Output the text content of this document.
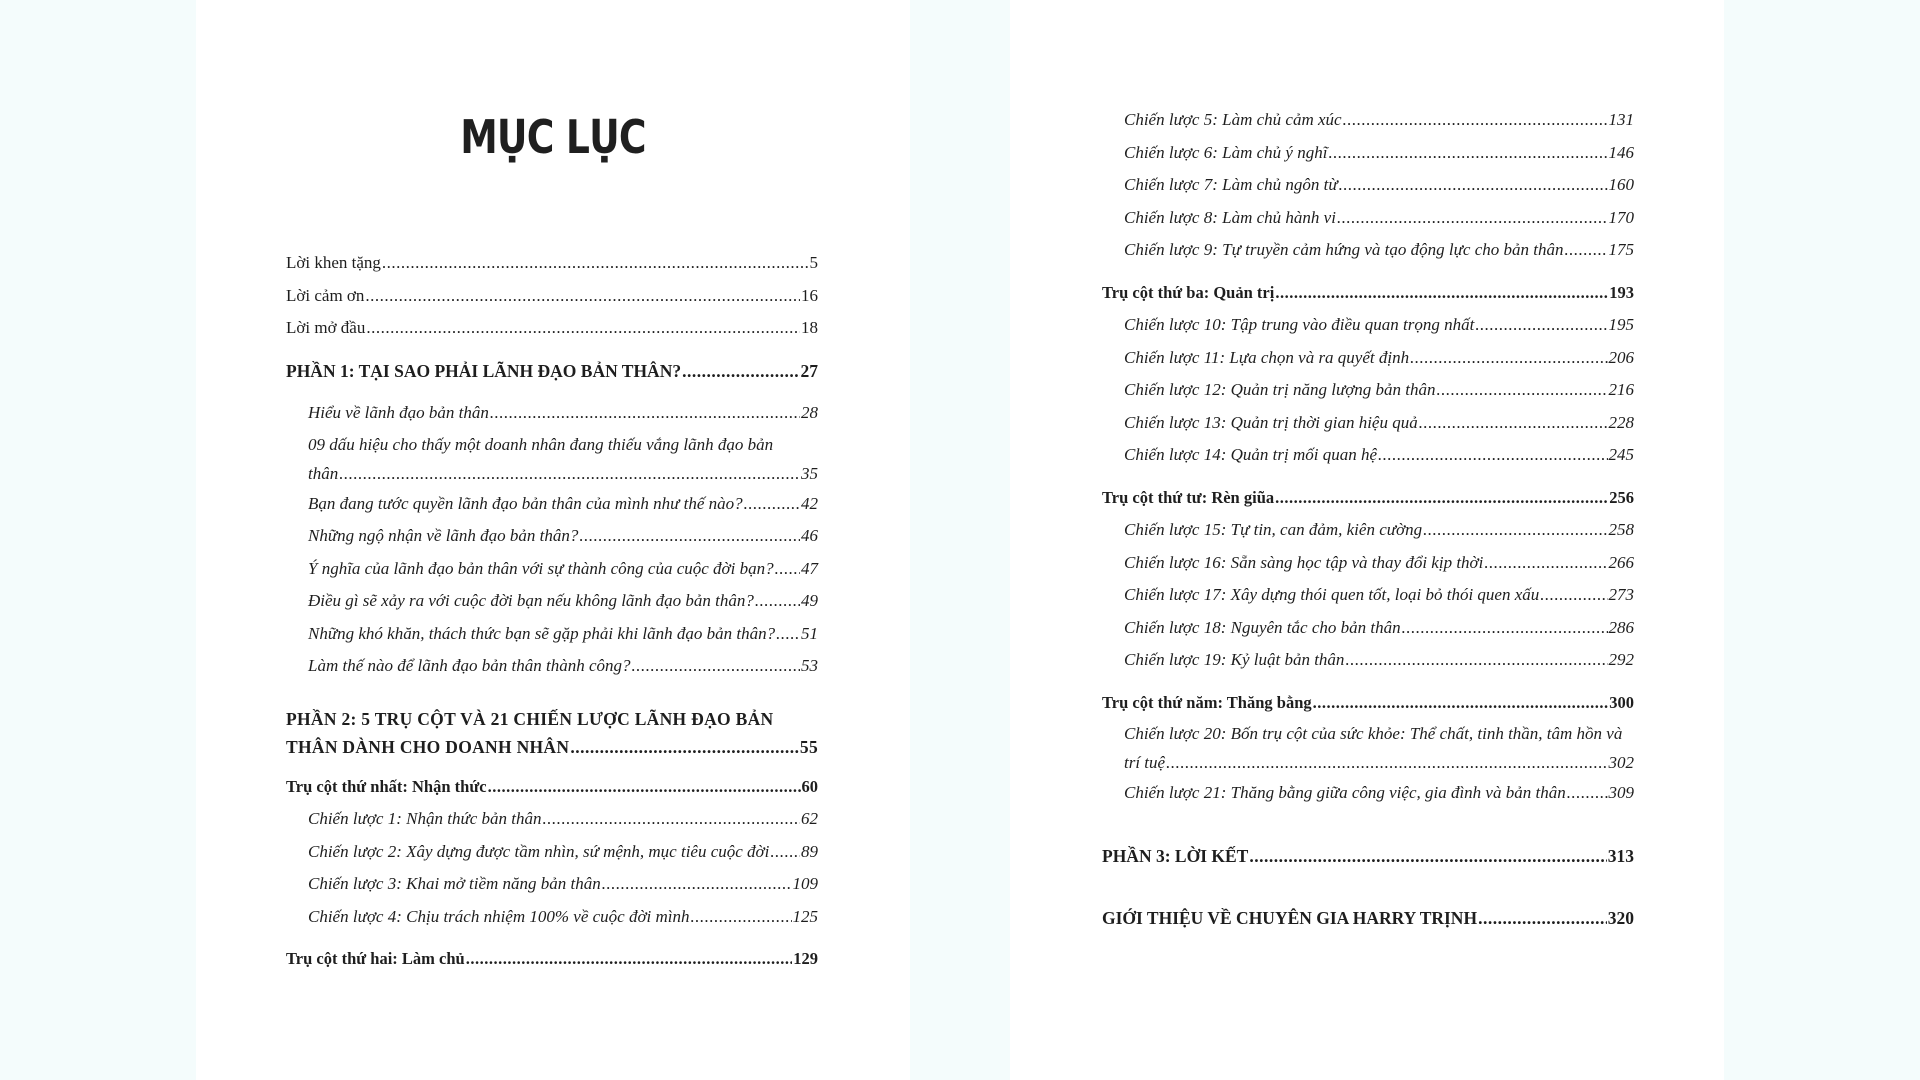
MỤC LỤC
Lời khen tặng .....	5
Lời cảm ơn .....	16
Lời mở đầu .....	18
PHẦN 1: TẠI SAO PHẢI LÃNH ĐẠO BẢN THÂN? .....	27
Hiểu về lãnh đạo bản thân .....	28
09 dấu hiệu cho thấy một doanh nhân đang thiếu vắng lãnh đạo bản
thân .....	35
Bạn đang tước quyền lãnh đạo bản thân của mình như thế nào? .....	42
Những ngộ nhận về lãnh đạo bản thân? .....	46
Ý nghĩa của lãnh đạo bản thân với sự thành công của cuộc đời bạn? ..... 47
Điều gì sẽ xảy ra với cuộc đời bạn nếu không lãnh đạo bản thân? .....	49
Những khó khăn, thách thức bạn sẽ gặp phải khi lãnh đạo bản thân? ..... 51
Làm thế nào để lãnh đạo bản thân thành công? .....	53
PHẦN 2: 5 TRỤ CỘT VÀ 21 CHIẾN LƯỢC LÃNH ĐẠO BẢN
THÂN DÀNH CHO DOANH NHÂN .....	55
Trụ cột thứ nhất: Nhận thức .....	60
Chiến lược 1: Nhận thức bản thân .....	62
Chiến lược 2: Xây dựng được tầm nhìn, sứ mệnh, mục tiêu cuộc đời ..... 89
Chiến lược 3: Khai mở tiềm năng bản thân .....	109
Chiến lược 4: Chịu trách nhiệm 100% về cuộc đời mình .....	125
Trụ cột thứ hai: Làm chủ .....	129
Chiến lược 5: Làm chủ cảm xúc .....	131
Chiến lược 6: Làm chủ ý nghĩ .....	146
Chiến lược 7: Làm chủ ngôn từ .....	160
Chiến lược 8: Làm chủ hành vi .....	170
Chiến lược 9: Tự truyền cảm hứng và tạo động lực cho bản thân .....	175
Trụ cột thứ ba: Quản trị .....	193
Chiến lược 10: Tập trung vào điều quan trọng nhất .....	195
Chiến lược 11: Lựa chọn và ra quyết định .....	206
Chiến lược 12: Quản trị năng lượng bản thân .....	216
Chiến lược 13: Quản trị thời gian hiệu quả .....	228
Chiến lược 14: Quản trị mối quan hệ .....	245
Trụ cột thứ tư: Rèn giũa .....	256
Chiến lược 15: Tự tin, can đảm, kiên cường .....	258
Chiến lược 16: Sẵn sàng học tập và thay đổi kịp thời .....	266
Chiến lược 17: Xây dựng thói quen tốt, loại bỏ thói quen xấu .....	273
Chiến lược 18: Nguyên tắc cho bản thân .....	286
Chiến lược 19: Kỷ luật bản thân .....	292
Trụ cột thứ năm: Thăng bằng .....	300
Chiến lược 20: Bốn trụ cột của sức khỏe: Thể chất, tinh thần, tâm hồn và
trí tuệ .....	302
Chiến lược 21: Thăng bằng giữa công việc, gia đình và bản thân .....	309
PHẦN 3: LỜI KẾT .....	313
GIỚI THIỆU VỀ CHUYÊN GIA HARRY TRỊNH .....	320
